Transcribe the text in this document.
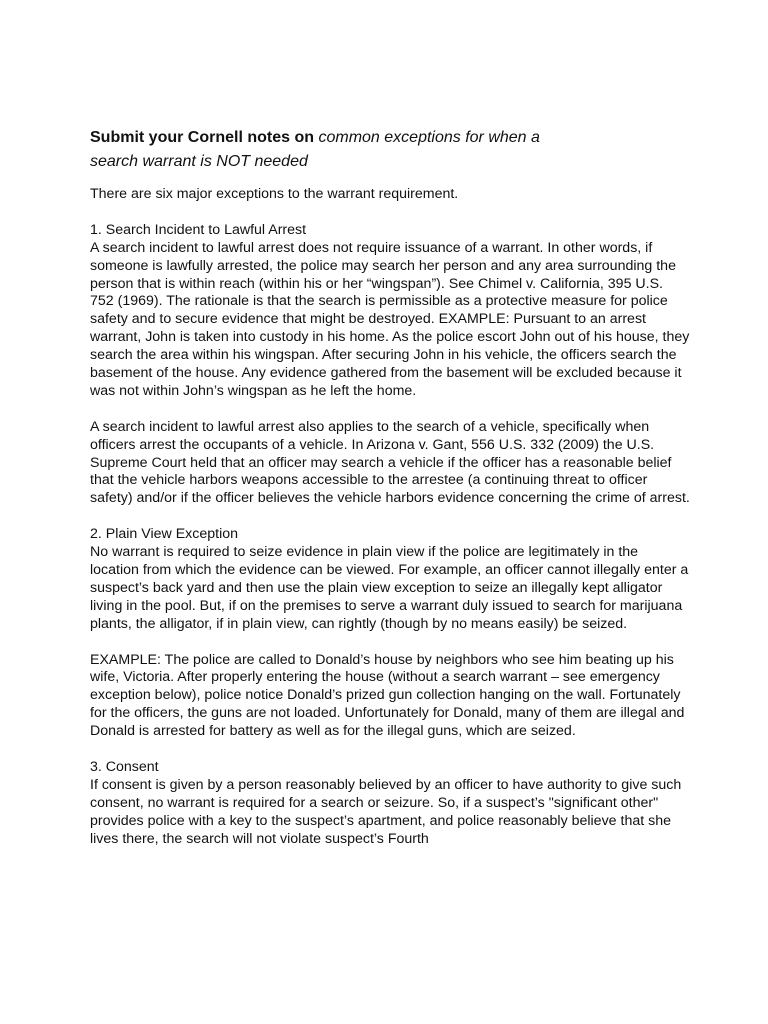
Submit your Cornell notes on common exceptions for when a
search warrant is NOT needed

There are six major exceptions to the warrant requirement.

1. Search Incident to Lawful Arrest
A search incident to lawful arrest does not require issuance of a warrant. In other words, if someone is lawfully arrested, the police may search her person and any area surrounding the person that is within reach (within his or her “wingspan”). See Chimel v. California, 395 U.S. 752 (1969). The rationale is that the search is permissible as a protective measure for police safety and to secure evidence that might be destroyed. EXAMPLE: Pursuant to an arrest warrant, John is taken into custody in his home. As the police escort John out of his house, they search the area within his wingspan. After securing John in his vehicle, the officers search the basement of the house. Any evidence gathered from the basement will be excluded because it was not within John’s wingspan as he left the home.

A search incident to lawful arrest also applies to the search of a vehicle, specifically when officers arrest the occupants of a vehicle. In Arizona v. Gant, 556 U.S. 332 (2009) the U.S. Supreme Court held that an officer may search a vehicle if the officer has a reasonable belief that the vehicle harbors weapons accessible to the arrestee (a continuing threat to officer safety) and/or if the officer believes the vehicle harbors evidence concerning the crime of arrest.

2. Plain View Exception
No warrant is required to seize evidence in plain view if the police are legitimately in the location from which the evidence can be viewed. For example, an officer cannot illegally enter a suspect’s back yard and then use the plain view exception to seize an illegally kept alligator living in the pool. But, if on the premises to serve a warrant duly issued to search for marijuana plants, the alligator, if in plain view, can rightly (though by no means easily) be seized.

EXAMPLE: The police are called to Donald’s house by neighbors who see him beating up his wife, Victoria. After properly entering the house (without a search warrant – see emergency exception below), police notice Donald’s prized gun collection hanging on the wall. Fortunately for the officers, the guns are not loaded. Unfortunately for Donald, many of them are illegal and Donald is arrested for battery as well as for the illegal guns, which are seized.

3. Consent
If consent is given by a person reasonably believed by an officer to have authority to give such consent, no warrant is required for a search or seizure. So, if a suspect’s "significant other" provides police with a key to the suspect’s apartment, and police reasonably believe that she lives there, the search will not violate suspect’s Fourth
